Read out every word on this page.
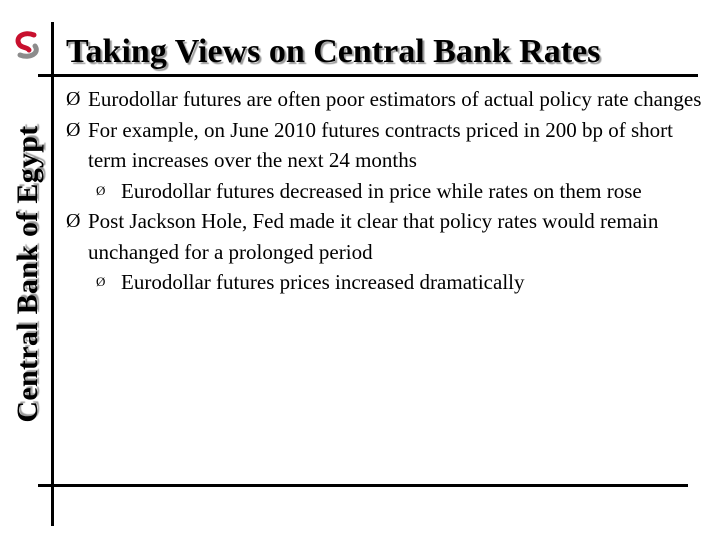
Central Bank of Egypt
Taking Views on Central Bank Rates

Ø Eurodollar futures are often poor estimators of actual policy rate changes

Ø For example, on June 2010 futures contracts priced in 200 bp of short term increases over the next 24 months

Ø Eurodollar futures decreased in price while rates on them rose

Ø Post Jackson Hole, Fed made it clear that policy rates would remain unchanged for a prolonged period

Ø Eurodollar futures prices increased dramatically
